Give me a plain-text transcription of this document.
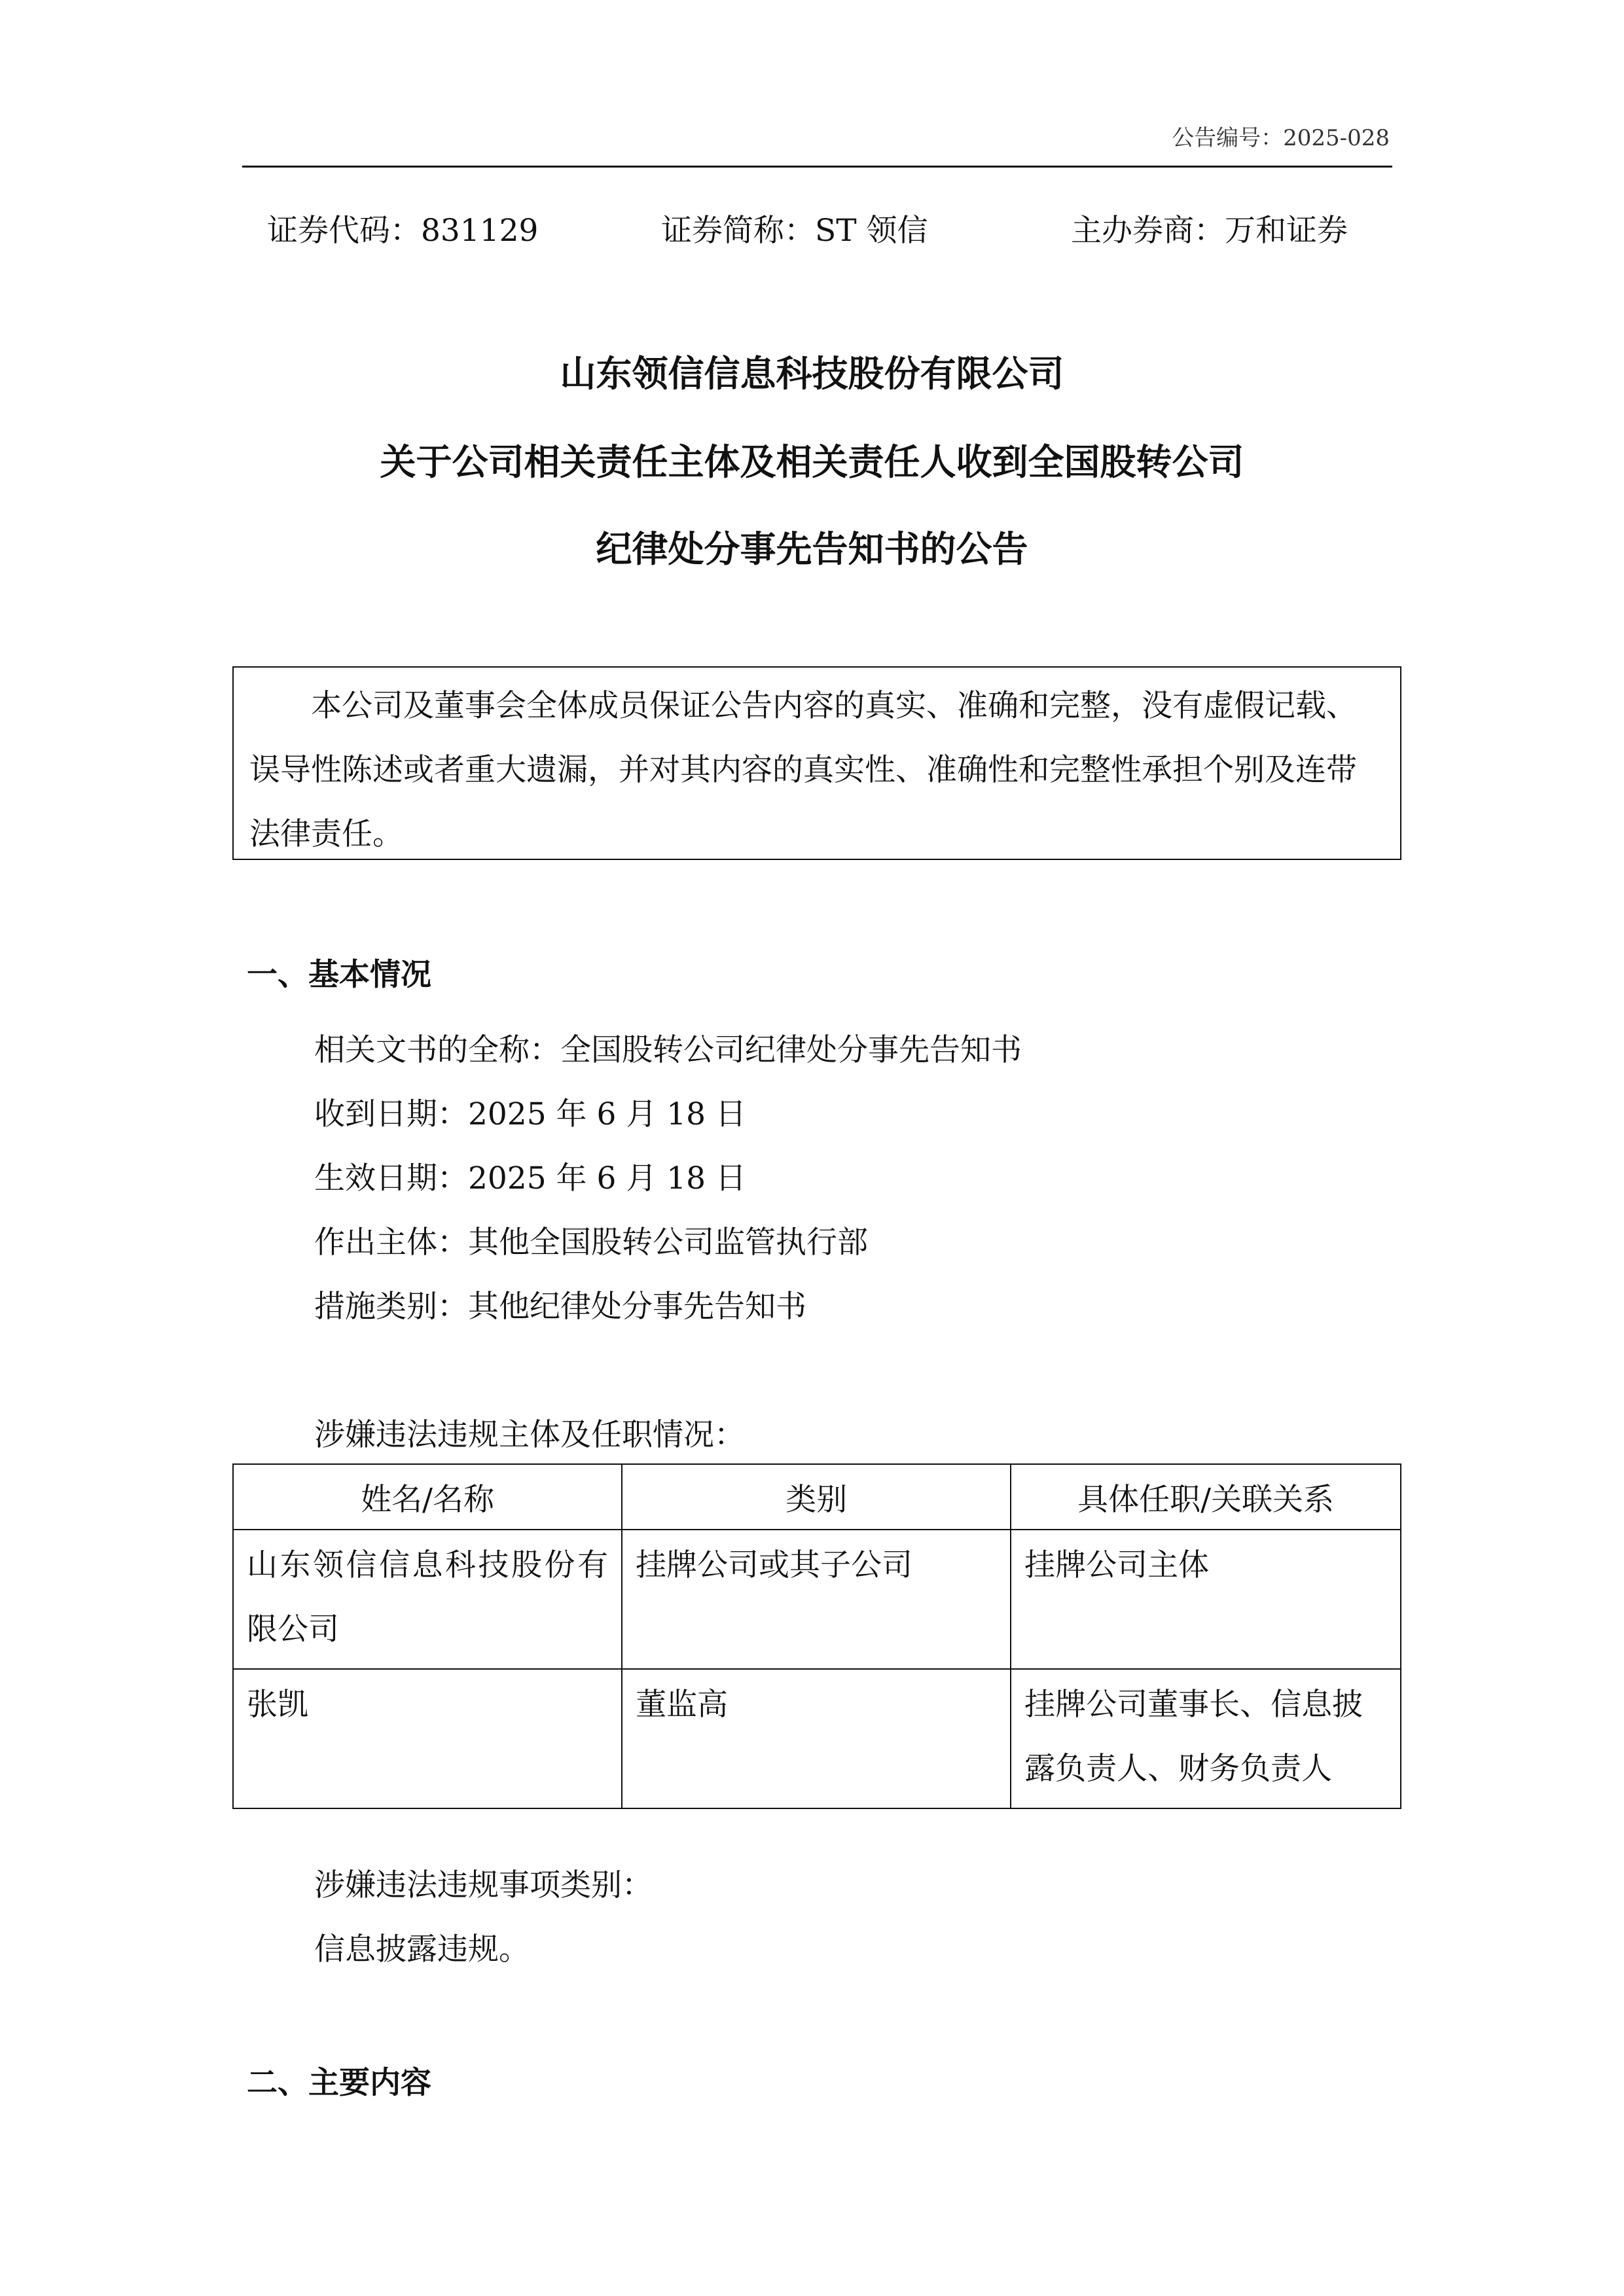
公告编号：2025-028
证券代码：831129	证券简称：ST 领信	主办券商：万和证券
山东领信信息科技股份有限公司
关于公司相关责任主体及相关责任人收到全国股转公司
纪律处分事先告知书的公告

本公司及董事会全体成员保证公告内容的真实、准确和完整，没有虚假记载、误导性陈述或者重大遗漏，并对其内容的真实性、准确性和完整性承担个别及连带法律责任。

一、基本情况
相关文书的全称：全国股转公司纪律处分事先告知书
收到日期：2025 年 6 月 18 日
生效日期：2025 年 6 月 18 日
作出主体：其他全国股转公司监管执行部
措施类别：其他纪律处分事先告知书
涉嫌违法违规主体及任职情况：
姓名/名称	类别	具体任职/关联关系
山东领信信息科技股份有限公司	挂牌公司或其子公司	挂牌公司主体
张凯	董监高	挂牌公司董事长、信息披露负责人、财务负责人
涉嫌违法违规事项类别：
信息披露违规。
二、主要内容
